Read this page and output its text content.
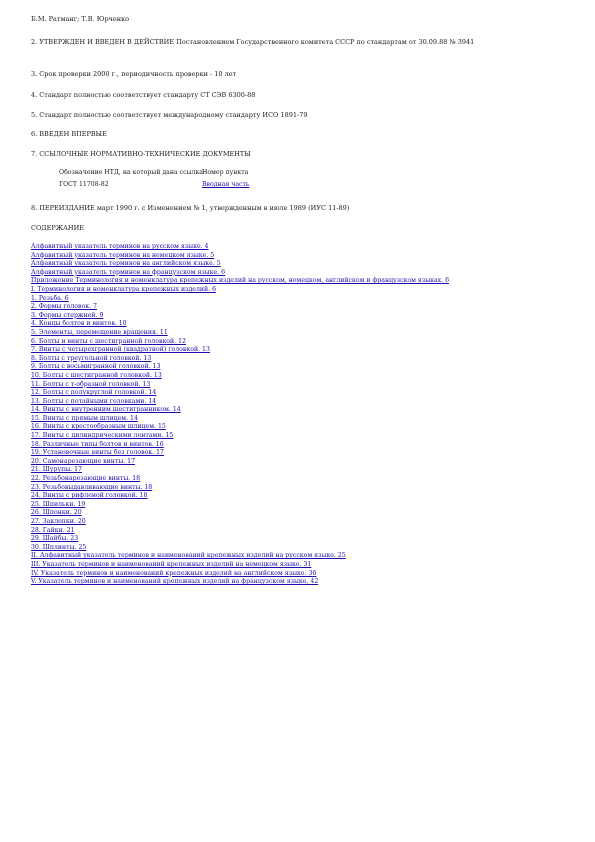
Б.М. Ратманг; Т.В. Юрченко
2. УТВЕРЖДЕН И ВВЕДЕН В ДЕЙСТВИЕ Постановлением Государственного комитета СССР по стандартам от 30.09.88 № 3941
3. Срок проверки 2000 г., периодичность проверки - 10 лет
4. Стандарт полностью соответствует стандарту СТ СЭВ 6300-88
5. Стандарт полностью соответствует международному стандарту ИСО 1891-79
6. ВВЕДЕН ВПЕРВЫЕ
7. ССЫЛОЧНЫЕ НОРМАТИВНО-ТЕХНИЧЕСКИЕ ДОКУМЕНТЫ
Обозначение НТД, на который дана ссылка Номер пункта
ГОСТ 11708-82	Вводная часть
8. ПЕРЕИЗДАНИЕ март 1990 г. с Изменением № 1, утвержденным в июле 1989 (ИУС 11-89)
СОДЕРЖАНИЕ
Алфавитный указатель терминов на русском языке. 4
Алфавитный указатель терминов на немецком языке. 5
Алфавитный указатель терминов на английском языке. 5
Алфавитный указатель терминов на французском языке. 6
Приложение Терминология и номенклатура крепежных изделий на русском, немецком, английском и французском языках. 6
I. Терминология и номенклатура крепежных изделий. 6
1. Резьба. 6
2. Формы головок. 7
3. Формы стержней. 9
4. Концы болтов и винтов. 10
5. Элементы, перемещение вращения. 11
6. Болты и винты с шестигранной головкой. 12
7. Винты с четырехгранной (квадратной) головкой. 13
8. Болты с треугольной головкой. 13
9. Болты с восьмигранной головкой. 13
10. Болты с шестигранной головкой. 13
11. Болты с т-образной головкой. 13
12. Болты с полукруглой головкой. 14
13. Болты с потайными головками. 14
14. Винты с внутренним шестигранником. 14
15. Винты с прямым шлицем. 14
16. Винты с крестообразным шлицем. 15
17. Винты с цилиндрическими лентами. 15
18. Различные типы болтов и винтов. 16
19. Установочные винты без головок. 17
20. Самонарезающие винты. 17
21. Шурупы. 17
22. Резьбонарезающие винты. 18
23. Резьбовыдавливающие винты. 18
24. Винты с рифленой головкой. 18
25. Шпильки. 19
26. Шпонки. 20
27. Заклепки. 20
28. Гайки. 21
29. Шайбы. 23
30. Шплинты. 25
II. Алфавитный указатель терминов и наименований крепежных изделий на русском языке. 25
III. Указатель терминов и наименований крепежных изделий на немецком языке. 31
IV. Указатель терминов и наименований крепежных изделий на английском языке. 36
V. Указатель терминов и наименований крепежных изделий на французском языке. 42
